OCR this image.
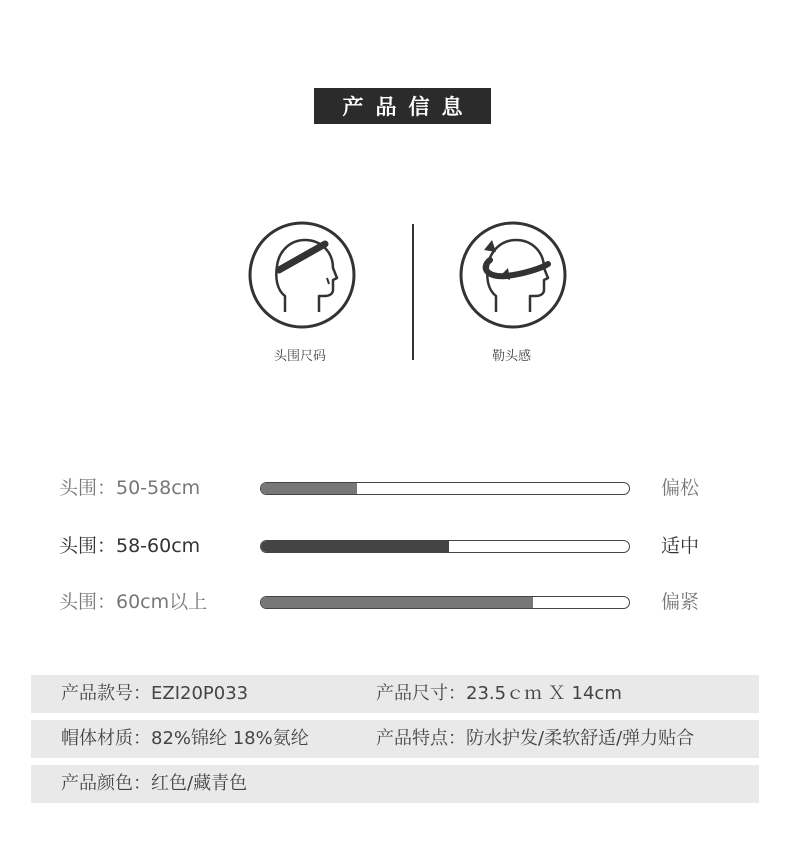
产品信息
头围尺码	勒头感
头围：50-58cm	偏松
头围：58-60cm	适中
头围：60cm以上	偏紧
产品款号：EZI20P033	产品尺寸：23.5ｃｍ Ｘ 14cm
帽体材质：82%锦纶 18%氨纶	产品特点：防水护发/柔软舒适/弹力贴合
产品颜色：红色/藏青色
